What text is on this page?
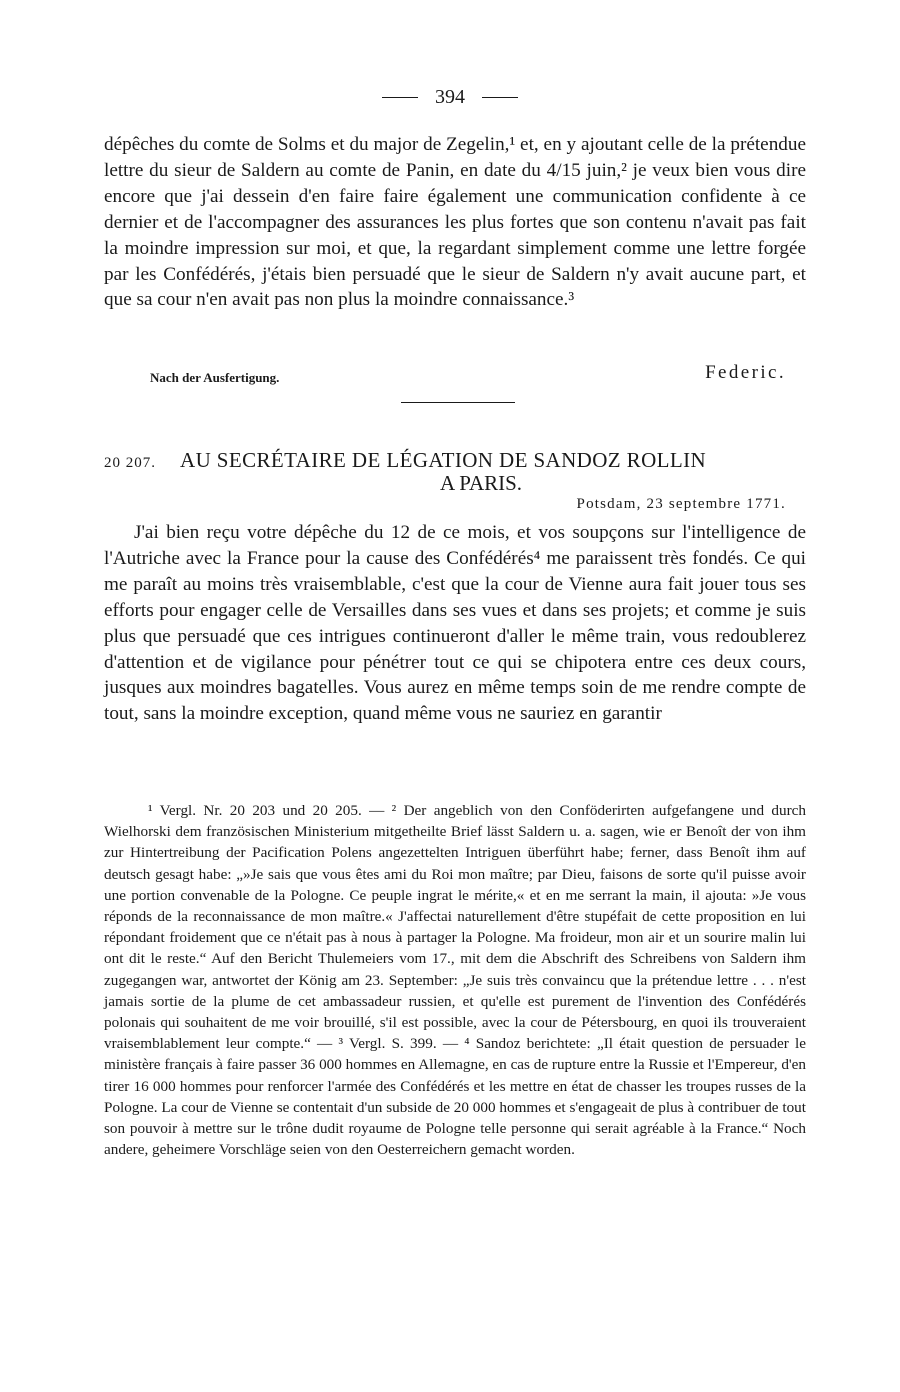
394

dépêches du comte de Solms et du major de Zegelin,¹ et, en y ajoutant celle de la prétendue lettre du sieur de Saldern au comte de Panin, en date du 4/15 juin,² je veux bien vous dire encore que j'ai dessein d'en faire faire également une communication confidente à ce dernier et de l'accompagner des assurances les plus fortes que son contenu n'avait pas fait la moindre impression sur moi, et que, la regardant simplement comme une lettre forgée par les Confédérés, j'étais bien persuadé que le sieur de Saldern n'y avait aucune part, et que sa cour n'en avait pas non plus la moindre connaissance.³

Nach der Ausfertigung.	Federic.
20 207. AU SECRÉTAIRE DE LÉGATION DE SANDOZ ROLLIN
A PARIS.
Potsdam, 23 septembre 1771.

J'ai bien reçu votre dépêche du 12 de ce mois, et vos soupçons sur l'intelligence de l'Autriche avec la France pour la cause des Confédérés⁴ me paraissent très fondés. Ce qui me paraît au moins très vraisemblable, c'est que la cour de Vienne aura fait jouer tous ses efforts pour engager celle de Versailles dans ses vues et dans ses projets; et comme je suis plus que persuadé que ces intrigues continueront d'aller le même train, vous redoublerez d'attention et de vigilance pour pénétrer tout ce qui se chipotera entre ces deux cours, jusques aux moindres bagatelles. Vous aurez en même temps soin de me rendre compte de tout, sans la moindre exception, quand même vous ne sauriez en garantir

¹ Vergl. Nr. 20 203 und 20 205. — ² Der angeblich von den Conföderirten aufgefangene und durch Wielhorski dem französischen Ministerium mitgetheilte Brief lässt Saldern u. a. sagen, wie er Benoît der von ihm zur Hintertreibung der Pacification Polens angezettelten Intriguen überführt habe; ferner, dass Benoît ihm auf deutsch gesagt habe: „»Je sais que vous êtes ami du Roi mon maître; par Dieu, faisons de sorte qu'il puisse avoir une portion convenable de la Pologne. Ce peuple ingrat le mérite,« et en me serrant la main, il ajouta: »Je vous réponds de la reconnaissance de mon maître.« J'affectai naturellement d'être stupéfait de cette proposition en lui répondant froidement que ce n'était pas à nous à partager la Pologne. Ma froideur, mon air et un sourire malin lui ont dit le reste.“ Auf den Bericht Thulemeiers vom 17., mit dem die Abschrift des Schreibens von Saldern ihm zugegangen war, antwortet der König am 23. September: „Je suis très convaincu que la prétendue lettre . . . n'est jamais sortie de la plume de cet ambassadeur russien, et qu'elle est purement de l'invention des Confédérés polonais qui souhaitent de me voir brouillé, s'il est possible, avec la cour de Pétersbourg, en quoi ils trouveraient vraisemblablement leur compte.“ — ³ Vergl. S. 399. — ⁴ Sandoz berichtete: „Il était question de persuader le ministère français à faire passer 36 000 hommes en Allemagne, en cas de rupture entre la Russie et l'Empereur, d'en tirer 16 000 hommes pour renforcer l'armée des Confédérés et les mettre en état de chasser les troupes russes de la Pologne. La cour de Vienne se contentait d'un subside de 20 000 hommes et s'engageait de plus à contribuer de tout son pouvoir à mettre sur le trône dudit royaume de Pologne telle personne qui serait agréable à la France.“ Noch andere, geheimere Vorschläge seien von den Oesterreichern gemacht worden.
